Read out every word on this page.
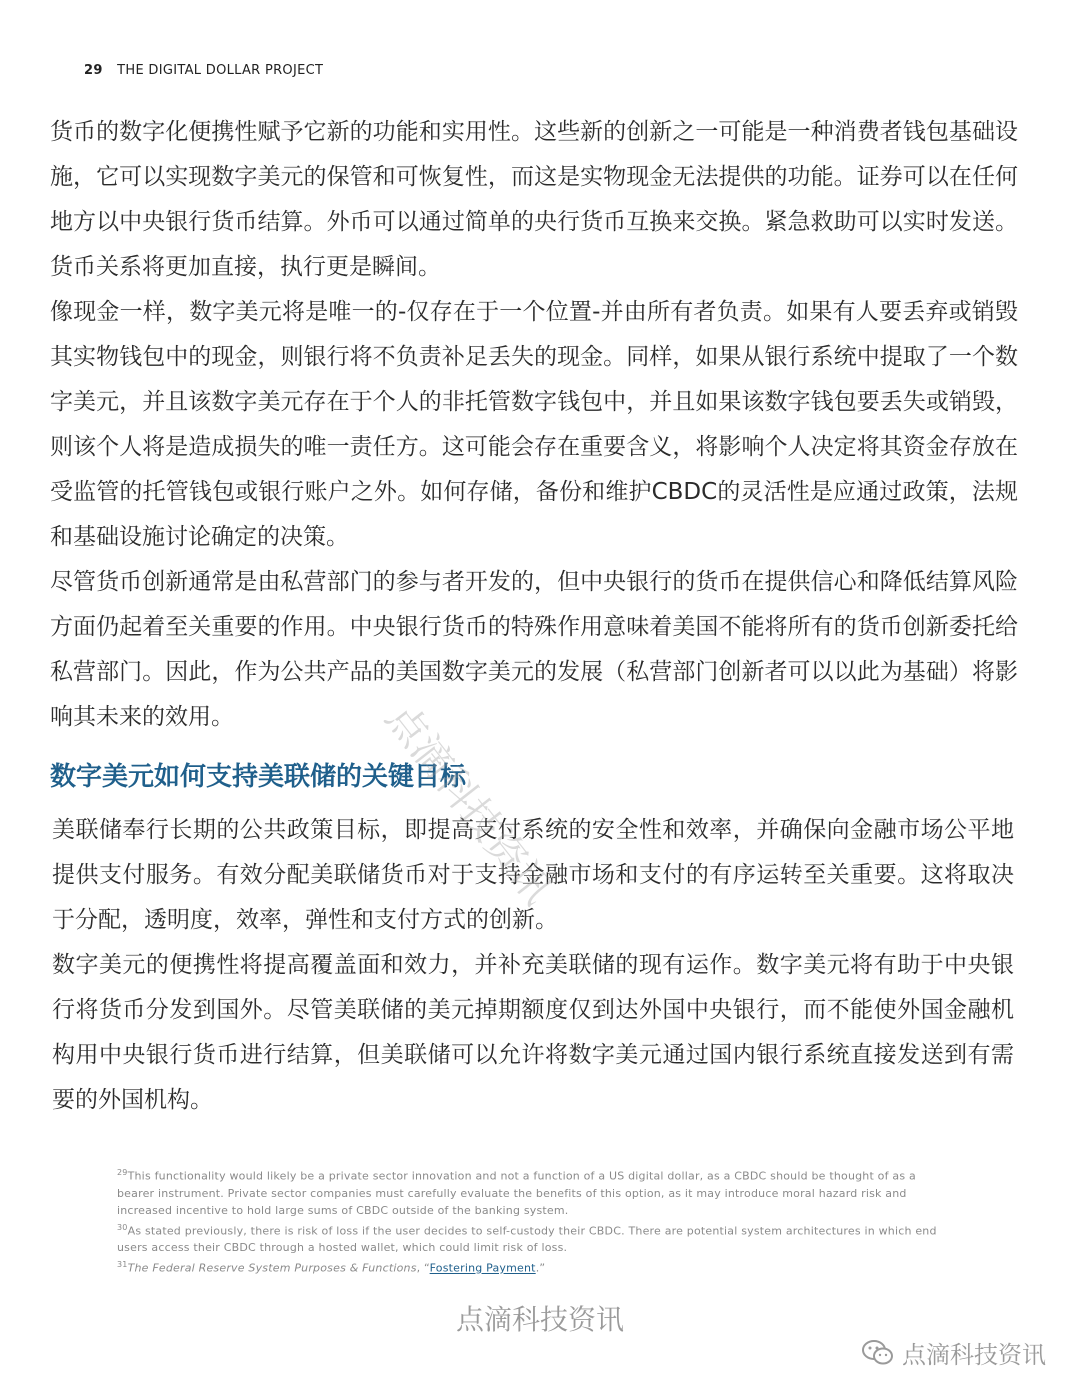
29 THE DIGITAL DOLLAR PROJECT

货币的数字化便携性赋予它新的功能和实用性。这些新的创新之一可能是一种消费者钱包基础设施，它可以实现数字美元的保管和可恢复性，而这是实物现金无法提供的功能。证券可以在任何地方以中央银行货币结算。外币可以通过简单的央行货币互换来交换。紧急救助可以实时发送。货币关系将更加直接，执行更是瞬间。

像现金一样，数字美元将是唯一的-仅存在于一个位置-并由所有者负责。如果有人要丢弃或销毁其实物钱包中的现金，则银行将不负责补足丢失的现金。同样，如果从银行系统中提取了一个数字美元，并且该数字美元存在于个人的非托管数字钱包中，并且如果该数字钱包要丢失或销毁，则该个人将是造成损失的唯一责任方。这可能会存在重要含义，将影响个人决定将其资金存放在受监管的托管钱包或银行账户之外。如何存储，备份和维护CBDC的灵活性是应通过政策，法规和基础设施讨论确定的决策。

尽管货币创新通常是由私营部门的参与者开发的，但中央银行的货币在提供信心和降低结算风险方面仍起着至关重要的作用。中央银行货币的特殊作用意味着美国不能将所有的货币创新委托给私营部门。因此，作为公共产品的美国数字美元的发展（私营部门创新者可以以此为基础）将影响其未来的效用。

数字美元如何支持美联储的关键目标

美联储奉行长期的公共政策目标，即提高支付系统的安全性和效率，并确保向金融市场公平地提供支付服务。有效分配美联储货币对于支持金融市场和支付的有序运转至关重要。这将取决于分配，透明度，效率，弹性和支付方式的创新。

数字美元的便携性将提高覆盖面和效力，并补充美联储的现有运作。数字美元将有助于中央银行将货币分发到国外。尽管美联储的美元掉期额度仅到达外国中央银行，而不能使外国金融机构用中央银行货币进行结算，但美联储可以允许将数字美元通过国内银行系统直接发送到有需要的外国机构。

$^{29}$This functionality would likely be a private sector innovation and not a function of a US digital dollar, as a CBDC should be thought of as a bearer instrument. Private sector companies must carefully evaluate the benefits of this option, as it may introduce moral hazard risk and increased incentive to hold large sums of CBDC outside of the banking system.

$^{30}$As stated previously, there is risk of loss if the user decides to self-custody their CBDC. There are potential system architectures in which end users access their CBDC through a hosted wallet, which could limit risk of loss.

$^{31}$The Federal Reserve System Purposes & Functions, “Fostering Payment.”

点滴科技资讯
点滴科技资讯
点滴科技资讯
